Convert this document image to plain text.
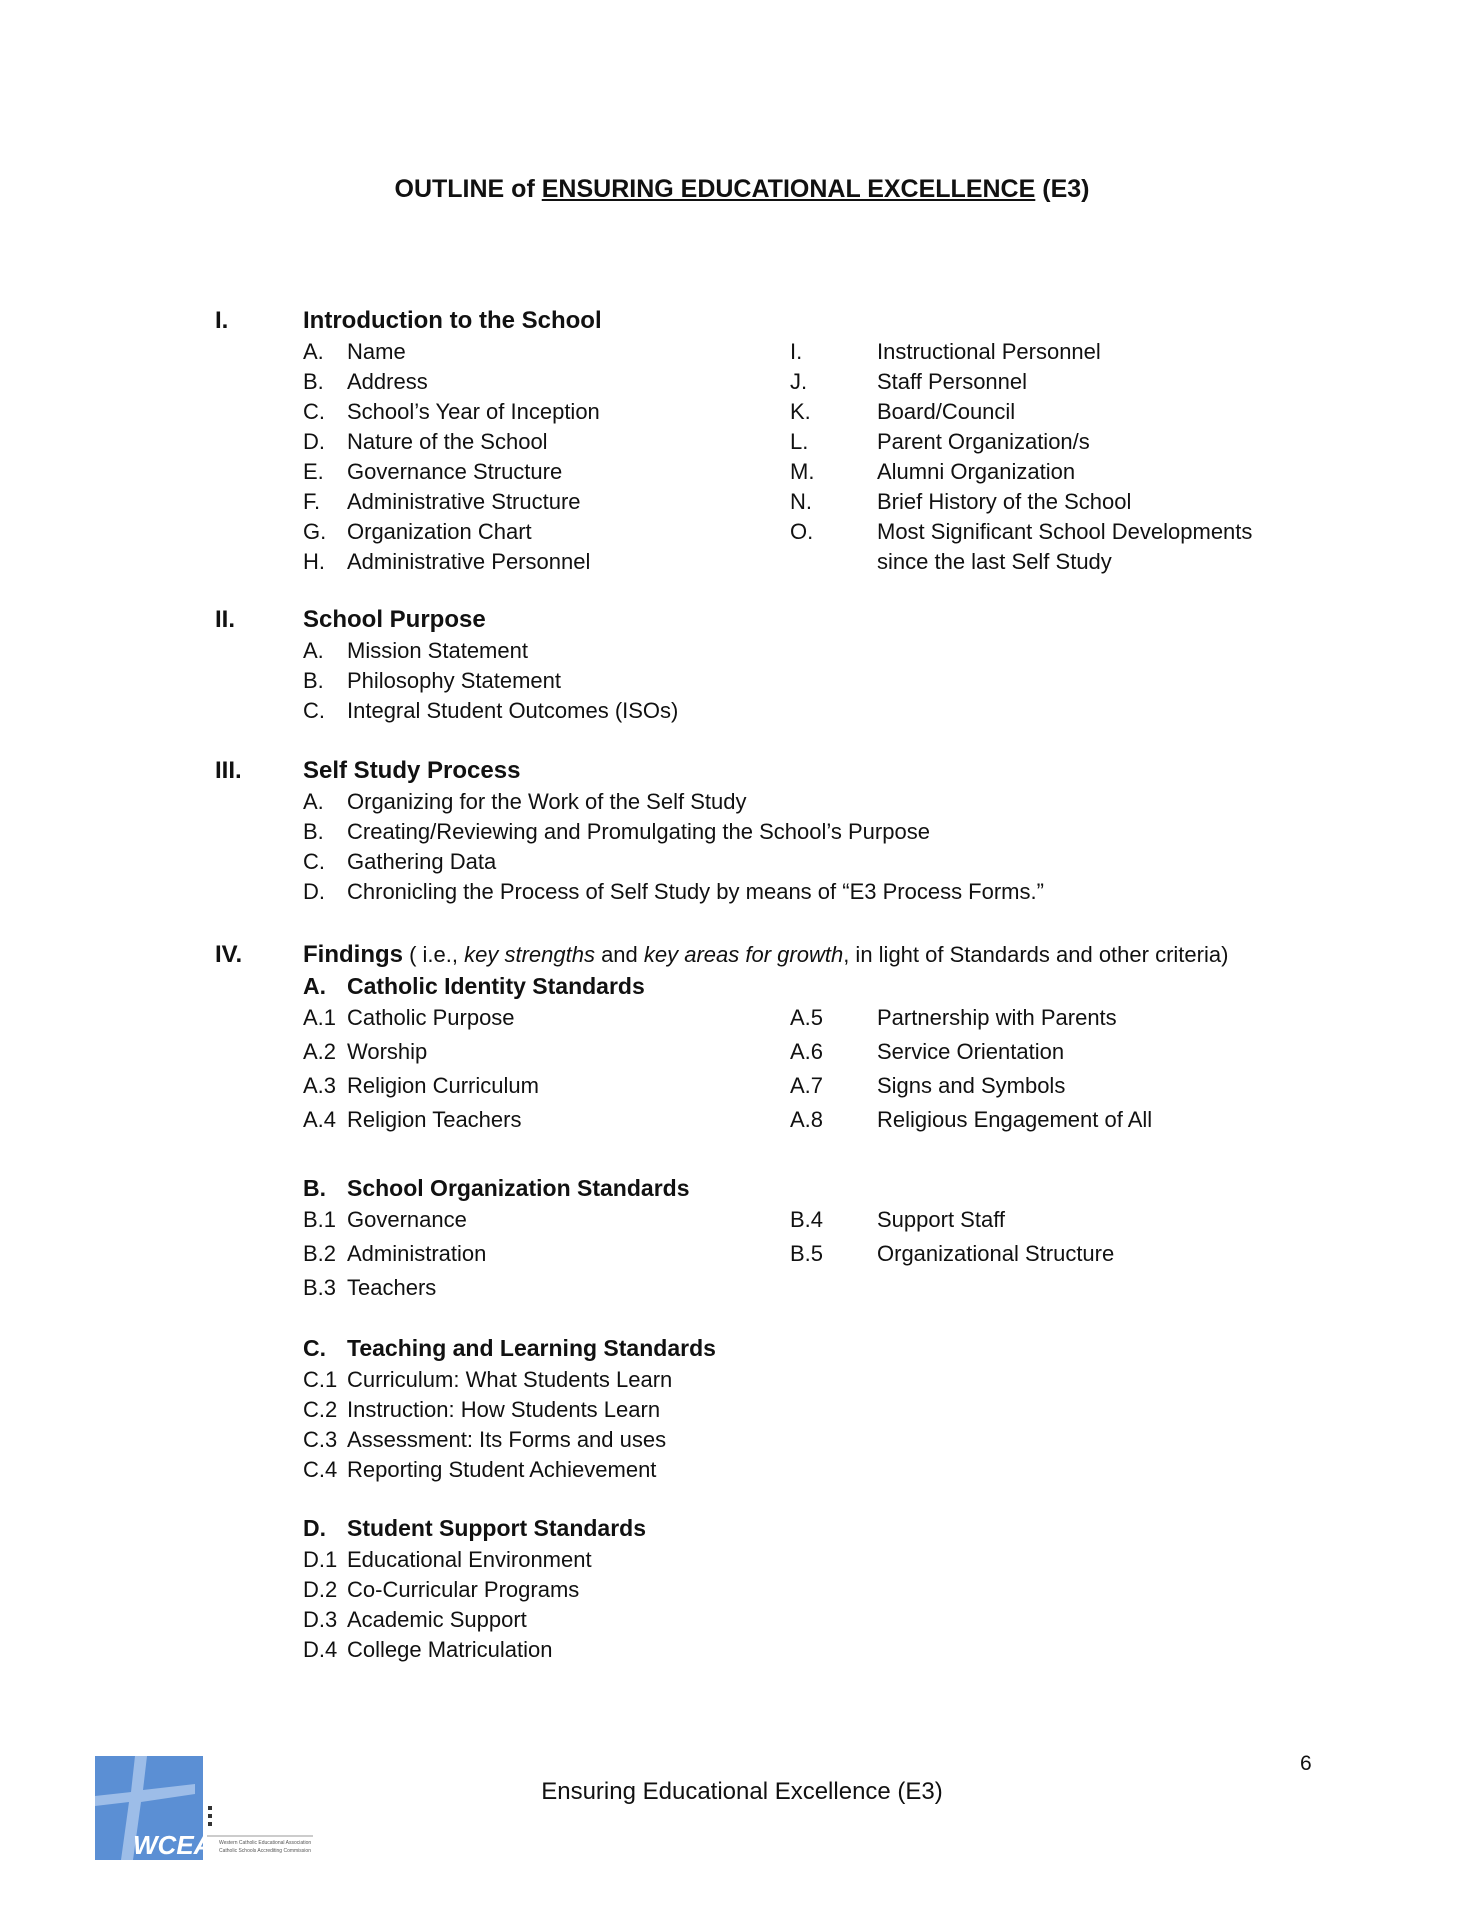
OUTLINE of ENSURING EDUCATIONAL EXCELLENCE (E3)
I.	Introduction to the School
A. Name	I.	Instructional Personnel
B. Address	J.	Staff Personnel
C. School’s Year of Inception	K.	Board/Council
D. Nature of the School	L.	Parent Organization/s
E. Governance Structure	M.	Alumni Organization
F. Administrative Structure	N.	Brief History of the School
G. Organization Chart	O.	Most Significant School Developments
H. Administrative Personnel	since the last Self Study
II.	School Purpose
A. Mission Statement
B. Philosophy Statement
C. Integral Student Outcomes (ISOs)
III.	Self Study Process
A. Organizing for the Work of the Self Study
B. Creating/Reviewing and Promulgating the School’s Purpose
C. Gathering Data
D. Chronicling the Process of Self Study by means of “E3 Process Forms.”
IV.	Findings ( i.e., key strengths and key areas for growth, in light of Standards and other criteria)
A. Catholic Identity Standards
A.1 Catholic Purpose	A.5 Partnership with Parents
A.2 Worship	A.6 Service Orientation
A.3 Religion Curriculum	A.7 Signs and Symbols
A.4 Religion Teachers	A.8 Religious Engagement of All
B. School Organization Standards
B.1 Governance	B.4 Support Staff
B.2 Administration	B.5 Organizational Structure
B.3 Teachers
C. Teaching and Learning Standards
C.1 Curriculum: What Students Learn
C.2 Instruction: How Students Learn
C.3 Assessment: Its Forms and uses
C.4 Reporting Student Achievement
D. Student Support Standards
D.1 Educational Environment
D.2 Co-Curricular Programs
D.3 Academic Support
D.4 College Matriculation
6
Ensuring Educational Excellence (E3)
WCEA Western Catholic Educational Association
Catholic Schools Accrediting Commission
